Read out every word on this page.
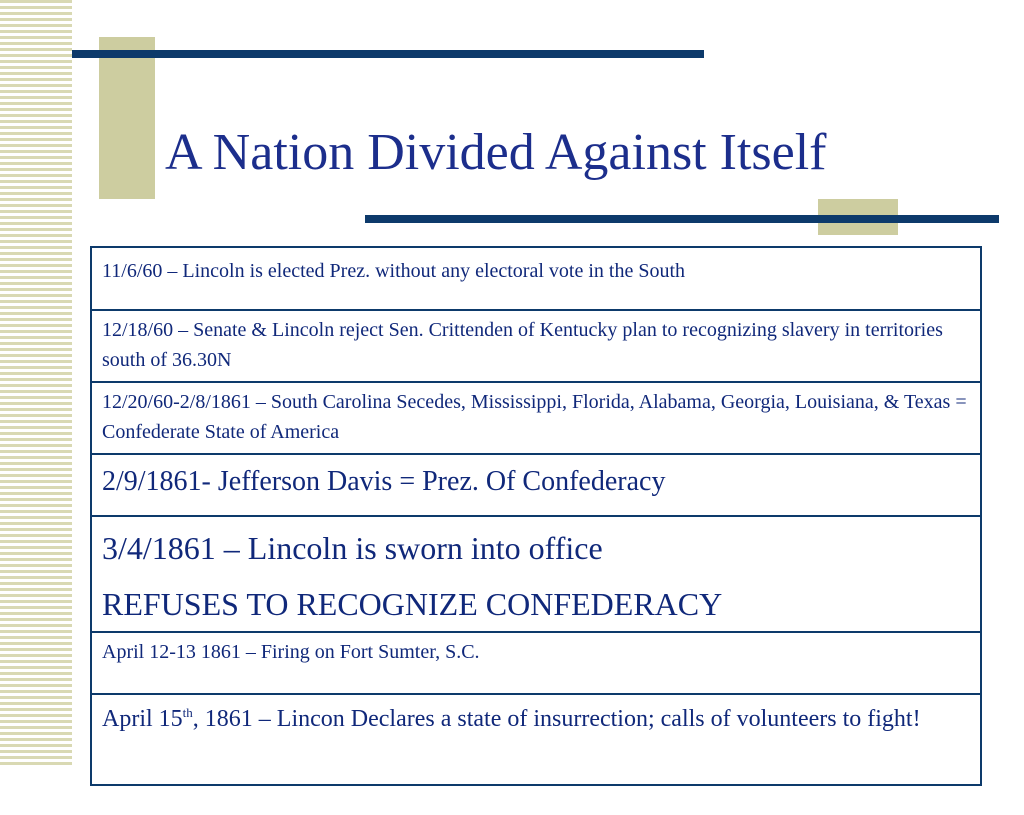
A Nation Divided Against Itself
11/6/60 – Lincoln is elected Prez. without any electoral vote in the South
12/18/60 – Senate & Lincoln reject Sen. Crittenden of Kentucky plan to recognizing slavery in territories south of 36.30N
12/20/60-2/8/1861 – South Carolina Secedes, Mississippi, Florida, Alabama, Georgia, Louisiana, & Texas = Confederate State of America
2/9/1861- Jefferson Davis = Prez. Of Confederacy
3/4/1861 – Lincoln is sworn into office
REFUSES TO RECOGNIZE CONFEDERACY
April 12-13 1861 – Firing on Fort Sumter, S.C.
April 15th, 1861 – Lincon Declares a state of insurrection; calls of volunteers to fight!
